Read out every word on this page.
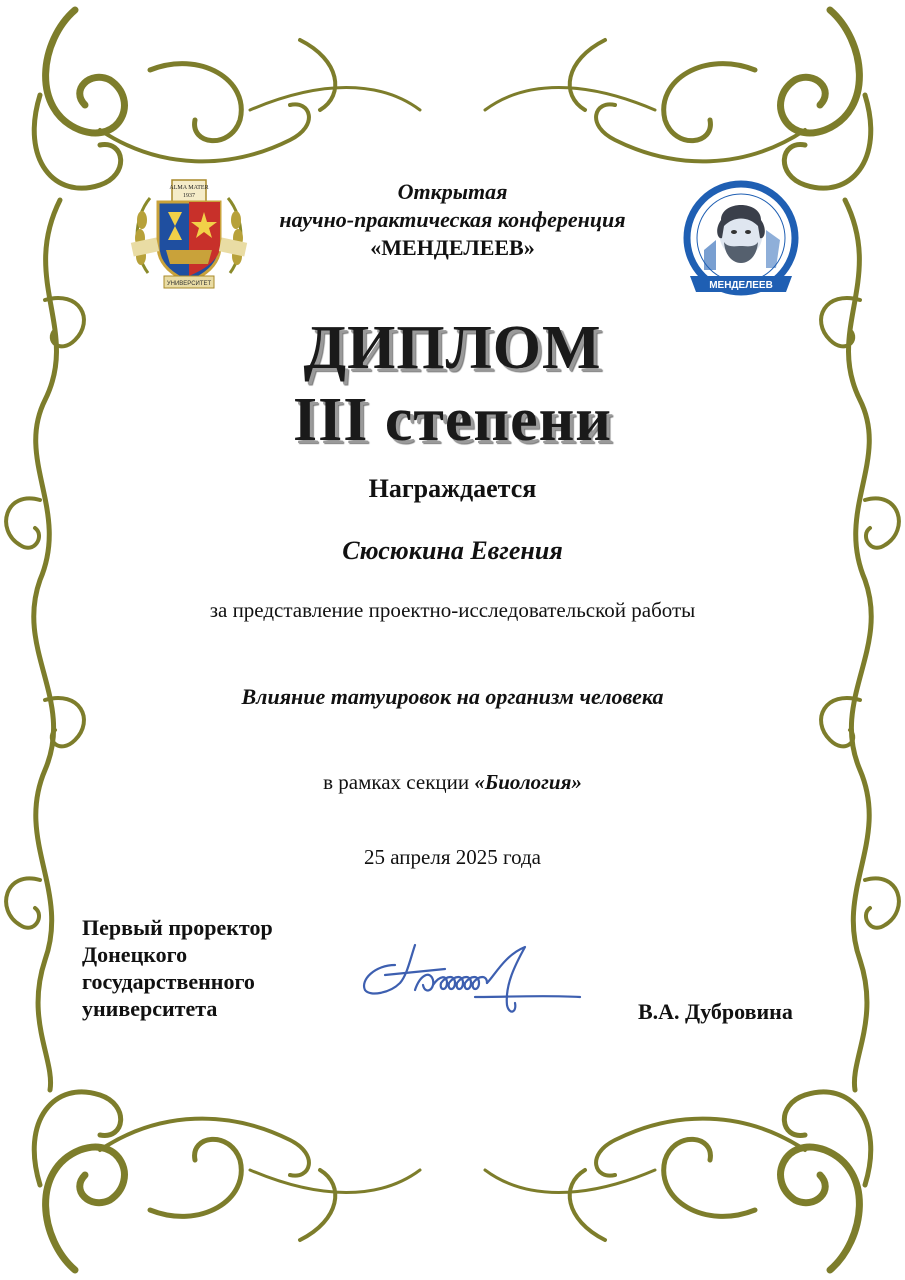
ALMA MATER
1937
УНИВЕРСИТЕТ	МЕНДЕЛЕЕВ
Открытая
научно-практическая конференция
«МЕНДЕЛЕЕВ»
ДИПЛОМ
III степени
Награждается
Сюсюкина Евгения
за представление проектно-исследовательской работы
Влияние татуировок на организм человека
в рамках секции «Биология»
25 апреля 2025 года
Первый проректор
Донецкого
государственного
университета	В.А. Дубровина
